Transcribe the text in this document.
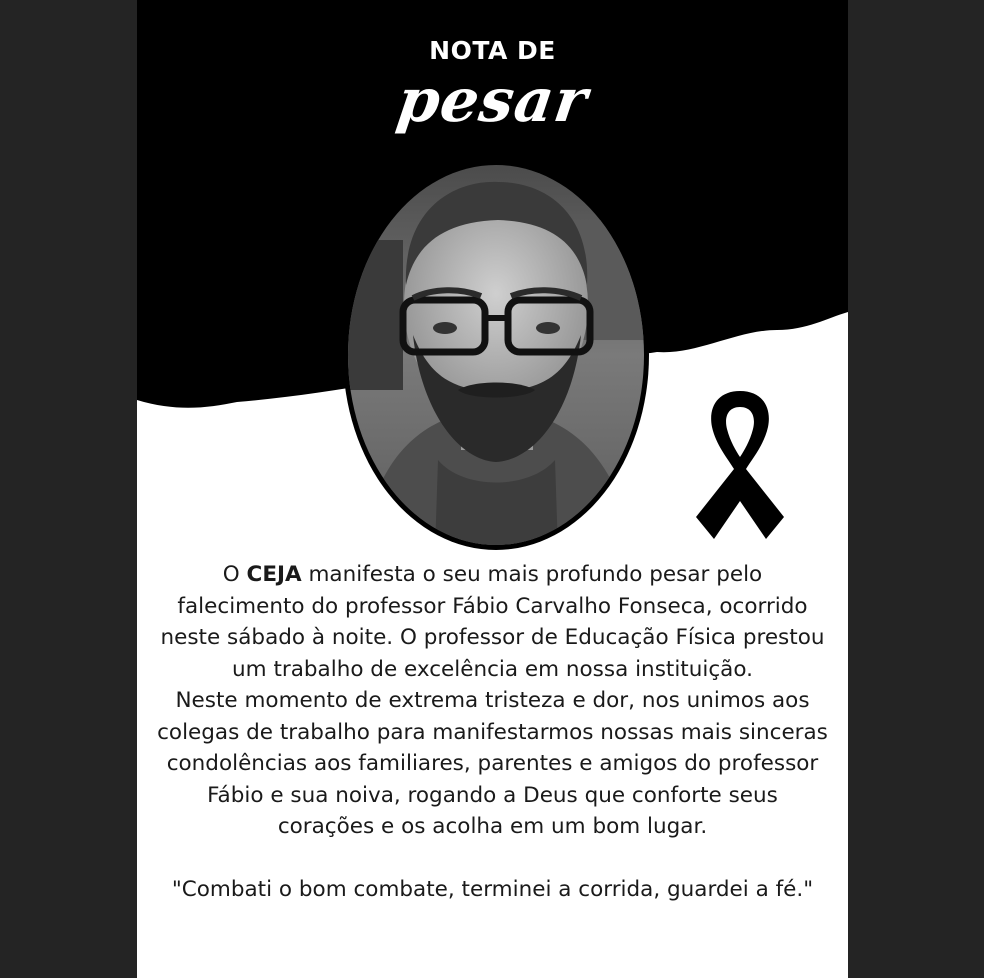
NOTA DE
pesar

O CEJA manifesta o seu mais profundo pesar pelo falecimento do professor Fábio Carvalho Fonseca, ocorrido neste sábado à noite. O professor de Educação Física prestou um trabalho de excelência em nossa instituição.

Neste momento de extrema tristeza e dor, nos unimos aos colegas de trabalho para manifestarmos nossas mais sinceras condolências aos familiares, parentes e amigos do professor Fábio e sua noiva, rogando a Deus que conforte seus corações e os acolha em um bom lugar.

"Combati o bom combate, terminei a corrida, guardei a fé."
